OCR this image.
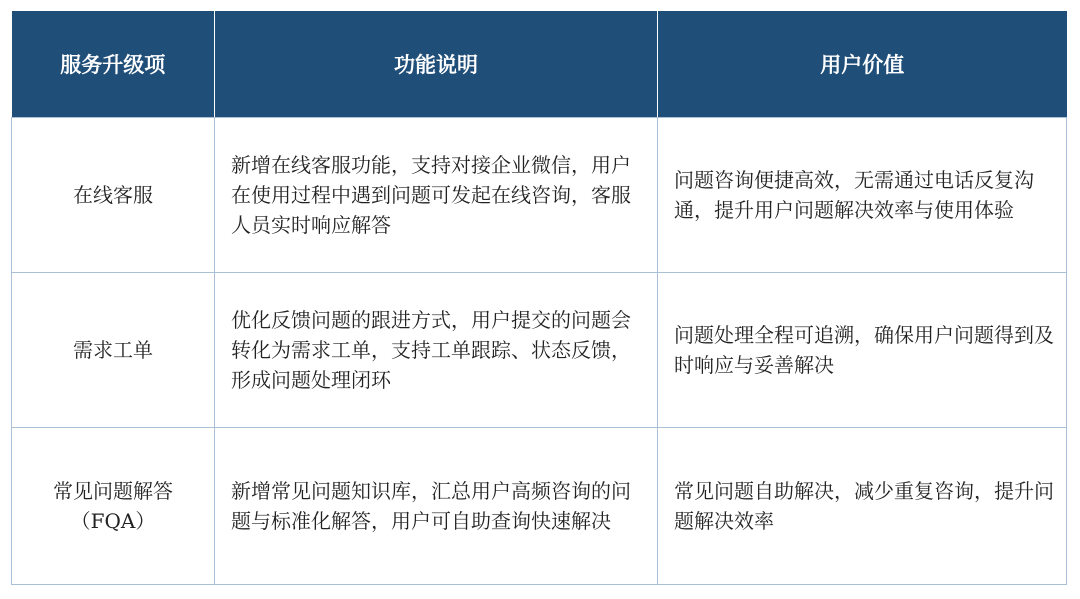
服务升级项	功能说明	用户价值

在线客服	新增在线客服功能，支持对接企业微信，用户在使用过程中遇到问题可发起在线咨询，客服人员实时响应解答	问题咨询便捷高效，无需通过电话反复沟通，提升用户问题解决效率与使用体验

需求工单	优化反馈问题的跟进方式，用户提交的问题会转化为需求工单，支持工单跟踪、状态反馈，形成问题处理闭环	问题处理全程可追溯，确保用户问题得到及时响应与妥善解决

常见问题解答
（FQA）	新增常见问题知识库，汇总用户高频咨询的问题与标准化解答，用户可自助查询快速解决	常见问题自助解决，减少重复咨询，提升问题解决效率
